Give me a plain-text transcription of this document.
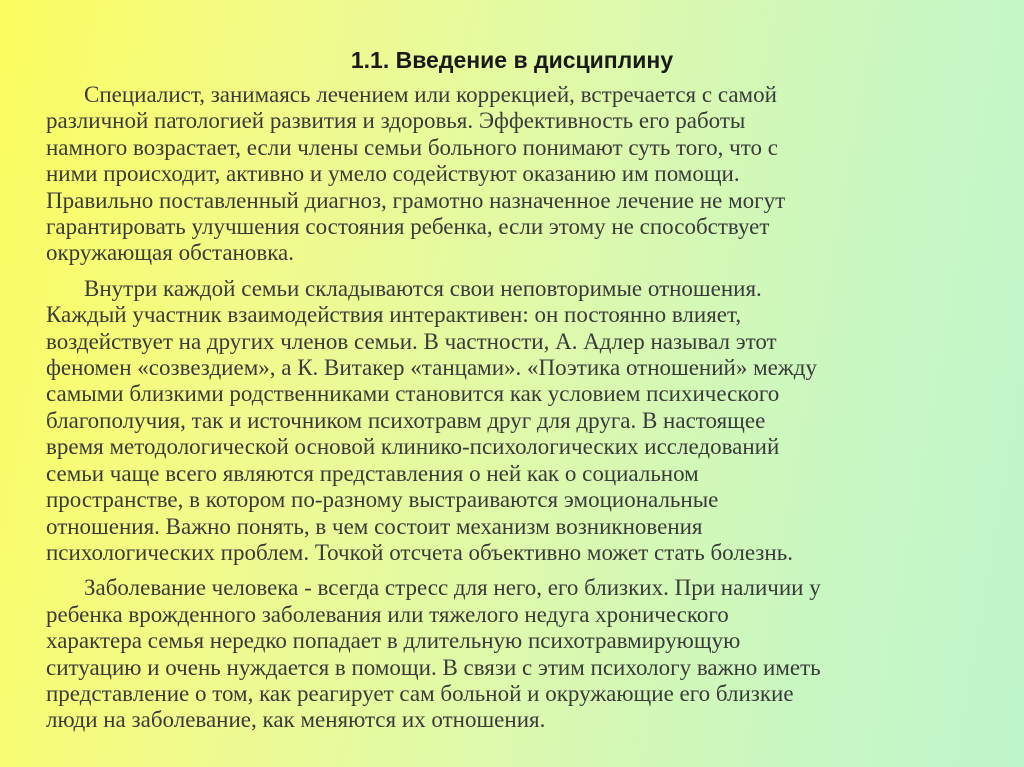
1.1. Введение в дисциплину

Специалист, занимаясь лечением или коррекцией, встречается с самой
различной патологией развития и здоровья. Эффективность его работы
намного возрастает, если члены семьи больного понимают суть того, что с
ними происходит, активно и умело содействуют оказанию им помощи.
Правильно поставленный диагноз, грамотно назначенное лечение не могут
гарантировать улучшения состояния ребенка, если этому не способствует
окружающая обстановка.

Внутри каждой семьи складываются свои неповторимые отношения.
Каждый участник взаимодействия интерактивен: он постоянно влияет,
воздействует на других членов семьи. В частности, А. Адлер называл этот
феномен «созвездием», а К. Витакер «танцами». «Поэтика отношений» между
самыми близкими родственниками становится как условием психического
благополучия, так и источником психотравм друг для друга. В настоящее
время методологической основой клинико-психологических исследований
семьи чаще всего являются представления о ней как о социальном
пространстве, в котором по-разному выстраиваются эмоциональные
отношения. Важно понять, в чем состоит механизм возникновения
психологических проблем. Точкой отсчета объективно может стать болезнь.

Заболевание человека - всегда стресс для него, его близких. При наличии у
ребенка врожденного заболевания или тяжелого недуга хронического
характера семья нередко попадает в длительную психотравмирующую
ситуацию и очень нуждается в помощи. В связи с этим психологу важно иметь
представление о том, как реагирует сам больной и окружающие его близкие
люди на заболевание, как меняются их отношения.
